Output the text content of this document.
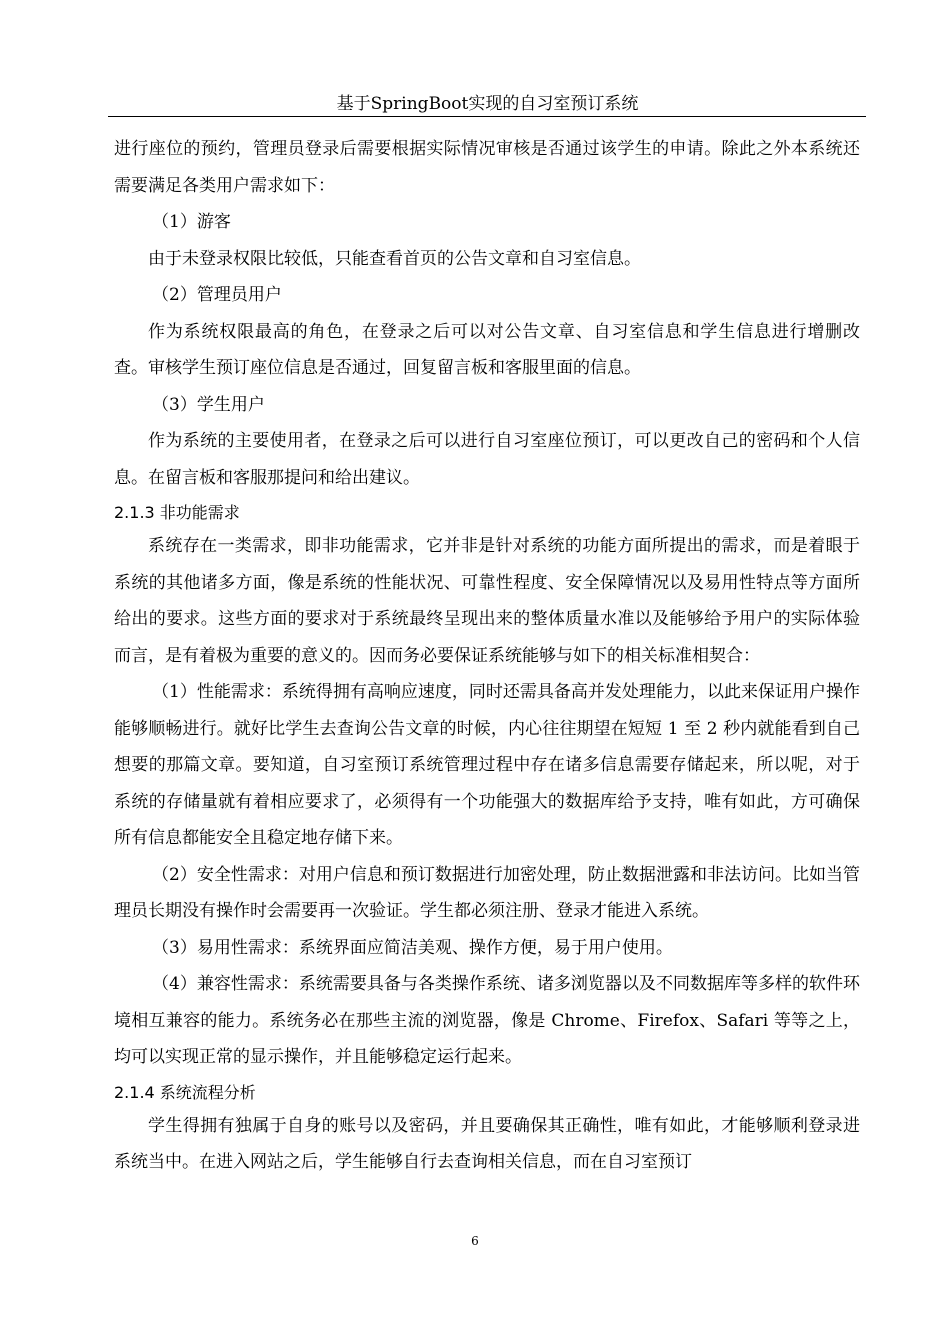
基于SpringBoot实现的自习室预订系统

进行座位的预约，管理员登录后需要根据实际情况审核是否通过该学生的申请。除此之外本系统还需要满足各类用户需求如下：

（1）游客

由于未登录权限比较低，只能查看首页的公告文章和自习室信息。

（2）管理员用户

作为系统权限最高的角色，在登录之后可以对公告文章、自习室信息和学生信息进行增删改查。审核学生预订座位信息是否通过，回复留言板和客服里面的信息。

（3）学生用户

作为系统的主要使用者，在登录之后可以进行自习室座位预订，可以更改自己的密码和个人信息。在留言板和客服那提问和给出建议。

2.1.3 非功能需求

系统存在一类需求，即非功能需求，它并非是针对系统的功能方面所提出的需求，而是着眼于系统的其他诸多方面，像是系统的性能状况、可靠性程度、安全保障情况以及易用性特点等方面所给出的要求。这些方面的要求对于系统最终呈现出来的整体质量水准以及能够给予用户的实际体验而言，是有着极为重要的意义的。因而务必要保证系统能够与如下的相关标准相契合：

（1）性能需求：系统得拥有高响应速度，同时还需具备高并发处理能力，以此来保证用户操作能够顺畅进行。就好比学生去查询公告文章的时候，内心往往期望在短短 1 至 2 秒内就能看到自己想要的那篇文章。要知道，自习室预订系统管理过程中存在诸多信息需要存储起来，所以呢，对于系统的存储量就有着相应要求了，必须得有一个功能强大的数据库给予支持，唯有如此，方可确保所有信息都能安全且稳定地存储下来。

（2）安全性需求：对用户信息和预订数据进行加密处理，防止数据泄露和非法访问。比如当管理员长期没有操作时会需要再一次验证。学生都必须注册、登录才能进入系统。

（3）易用性需求：系统界面应简洁美观、操作方便，易于用户使用。

（4）兼容性需求：系统需要具备与各类操作系统、诸多浏览器以及不同数据库等多样的软件环境相互兼容的能力。系统务必在那些主流的浏览器，像是 Chrome、Firefox、Safari 等等之上，均可以实现正常的显示操作，并且能够稳定运行起来。

2.1.4 系统流程分析

学生得拥有独属于自身的账号以及密码，并且要确保其正确性，唯有如此，才能够顺利登录进系统当中。在进入网站之后，学生能够自行去查询相关信息，而在自习室预订

6
